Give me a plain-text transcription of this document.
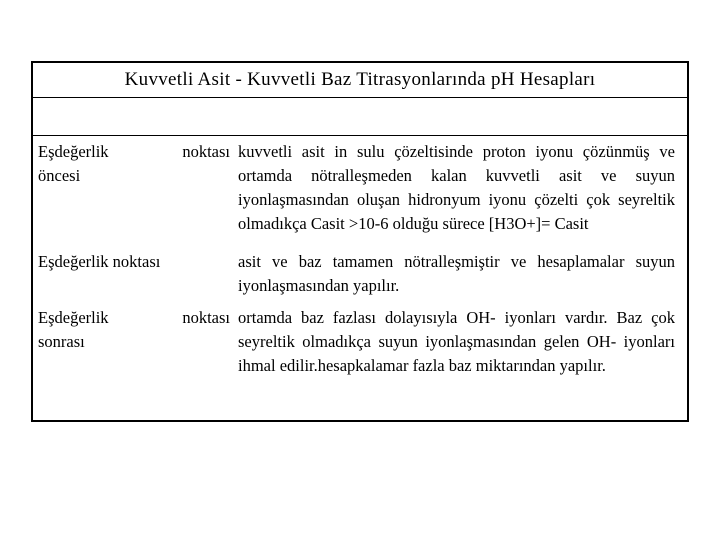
Kuvvetli Asit - Kuvvetli Baz Titrasyonlarında pH Hesapları
Eşdeğerlik noktası
öncesi
kuvvetli asit in sulu çözeltisinde proton iyonu çözünmüş ve ortamda nötralleşmeden kalan kuvvetli asit ve suyun iyonlaşmasından oluşan hidronyum iyonu çözelti çok seyreltik olmadıkça Casit >10-6 olduğu sürece [H3O+]= Casit
Eşdeğerlik noktası	asit ve baz tamamen nötralleşmiştir ve hesaplamalar suyun iyonlaşmasından yapılır.
Eşdeğerlik noktası
sonrası
ortamda baz fazlası dolayısıyla OH- iyonları vardır. Baz çok seyreltik olmadıkça suyun iyonlaşmasından gelen OH- iyonları ihmal edilir.hesapkalamar fazla baz miktarından yapılır.
